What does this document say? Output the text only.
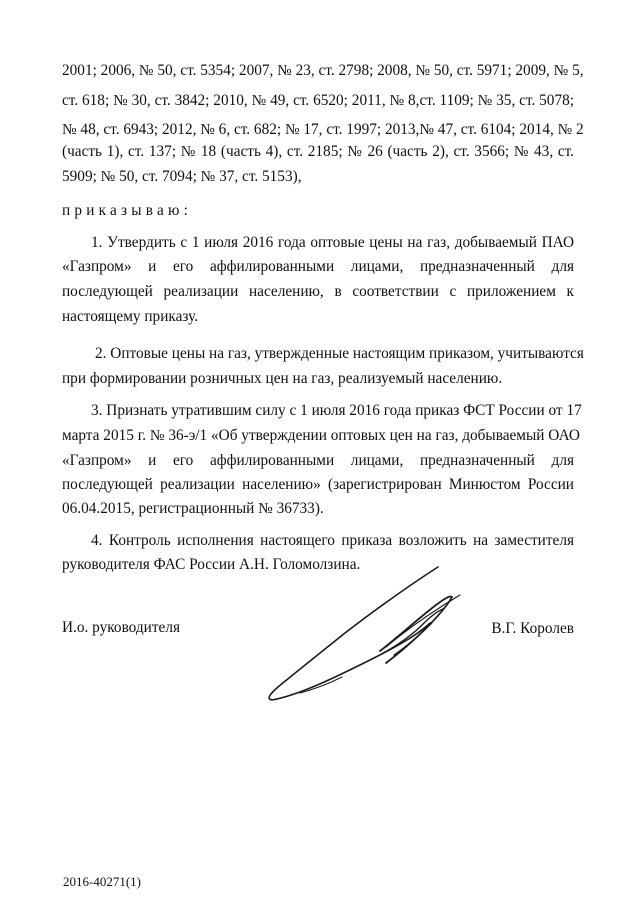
2001; 2006, № 50, ст. 5354; 2007, № 23, ст. 2798; 2008, № 50, ст. 5971; 2009, № 5,
ст. 618; № 30, ст. 3842; 2010, № 49, ст. 6520; 2011, № 8,ст. 1109; № 35, ст. 5078;
№ 48, ст. 6943; 2012, № 6, ст. 682; № 17, ст. 1997; 2013,№ 47, ст. 6104; 2014, № 2
(часть 1), ст. 137; № 18 (часть 4), ст. 2185; № 26 (часть 2), ст. 3566; № 43, ст.
5909; № 50, ст. 7094; № 37, ст. 5153),
приказываю:
1. Утвердить с 1 июля 2016 года оптовые цены на газ, добываемый ПАО
«Газпром» и его аффилированными лицами, предназначенный для
последующей реализации населению, в соответствии с приложением к
настоящему приказу.
2. Оптовые цены на газ, утвержденные настоящим приказом, учитываются
при формировании розничных цен на газ, реализуемый населению.
3. Признать утратившим силу с 1 июля 2016 года приказ ФСТ России от 17
марта 2015 г. № 36-э/1 «Об утверждении оптовых цен на газ, добываемый ОАО
«Газпром» и его аффилированными лицами, предназначенный для
последующей реализации населению» (зарегистрирован Минюстом России
06.04.2015, регистрационный № 36733).
4. Контроль исполнения настоящего приказа возложить на заместителя
руководителя ФАС России А.Н. Голомолзина.
И.о. руководителя	В.Г. Королев
2016-40271(1)
